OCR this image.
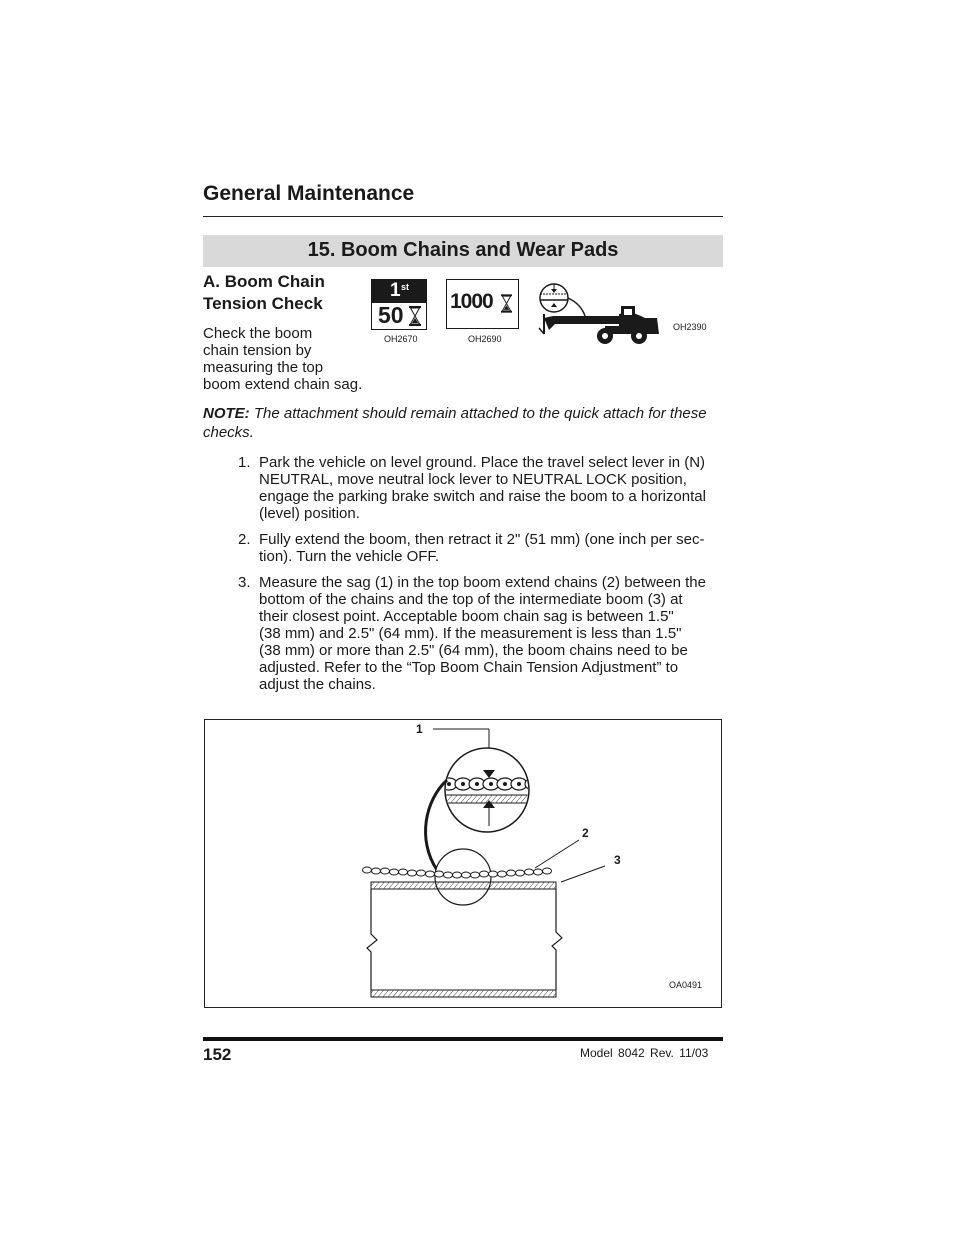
General Maintenance
15. Boom Chains and Wear Pads
A. Boom Chain
Tension Check
Check the boom
chain tension by
measuring the top
boom extend chain sag.
1 st
50
OH2670
1000
OH2690
OH2390
NOTE: The attachment should remain attached to the quick attach for these checks.
1. Park the vehicle on level ground. Place the travel select lever in (N)
NEUTRAL, move neutral lock lever to NEUTRAL LOCK position,
engage the parking brake switch and raise the boom to a horizontal
(level) position.
2. Fully extend the boom, then retract it 2" (51 mm) (one inch per sec-
tion). Turn the vehicle OFF.
3. Measure the sag (1) in the top boom extend chains (2) between the
bottom of the chains and the top of the intermediate boom (3) at
their closest point. Acceptable boom chain sag is between 1.5"
(38 mm) and 2.5" (64 mm). If the measurement is less than 1.5"
(38 mm) or more than 2.5" (64 mm), the boom chains need to be
adjusted. Refer to the “Top Boom Chain Tension Adjustment” to
adjust the chains.
1
2
3
OA0491
152	Model 8042 Rev. 11/03
